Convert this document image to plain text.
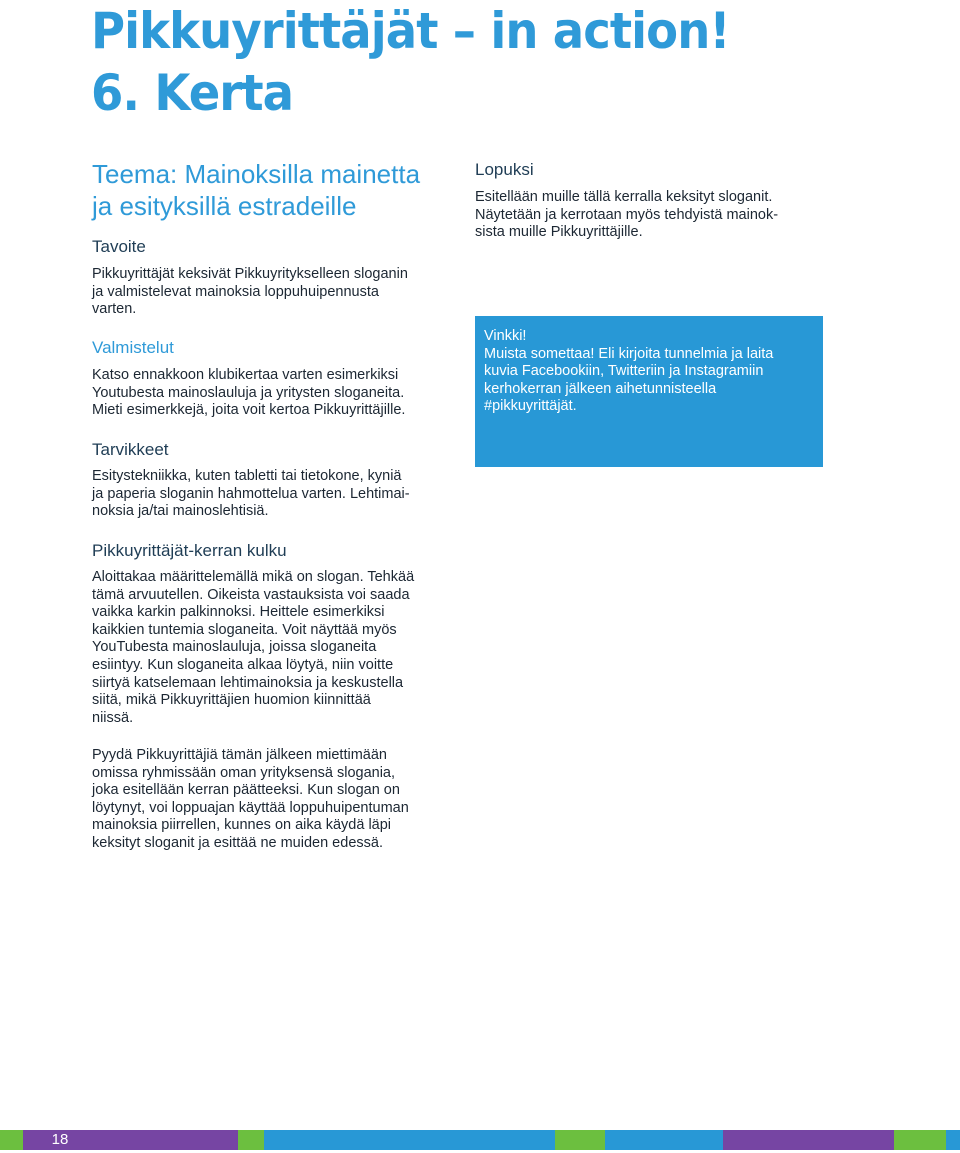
Pikkuyrittäjät – in action!
6. Kerta
Teema: Mainoksilla mainetta
ja esityksillä estradeille
Tavoite

Pikkuyrittäjät keksivät Pikkuyritykselleen sloganin
ja valmistelevat mainoksia loppuhuipennusta
varten.

Valmistelut

Katso ennakkoon klubikertaa varten esimerkiksi
Youtubesta mainoslauluja ja yritysten sloganeita.
Mieti esimerkkejä, joita voit kertoa Pikkuyrittäjille.

Tarvikkeet

Esitystekniikka, kuten tabletti tai tietokone, kyniä
ja paperia sloganin hahmottelua varten. Lehtimai-
noksia ja/tai mainoslehtisiä.

Pikkuyrittäjät-kerran kulku

Aloittakaa määrittelemällä mikä on slogan. Tehkää
tämä arvuutellen. Oikeista vastauksista voi saada
vaikka karkin palkinnoksi. Heittele esimerkiksi
kaikkien tuntemia sloganeita. Voit näyttää myös
YouTubesta mainoslauluja, joissa sloganeita
esiintyy. Kun sloganeita alkaa löytyä, niin voitte
siirtyä katselemaan lehtimainoksia ja keskustella
siitä, mikä Pikkuyrittäjien huomion kiinnittää
niissä.

Pyydä Pikkuyrittäjiä tämän jälkeen miettimään
omissa ryhmissään oman yrityksensä slogania,
joka esitellään kerran päätteeksi. Kun slogan on
löytynyt, voi loppuajan käyttää loppuhuipentuman
mainoksia piirrellen, kunnes on aika käydä läpi
keksityt sloganit ja esittää ne muiden edessä.

Lopuksi

Esitellään muille tällä kerralla keksityt sloganit.
Näytetään ja kerrotaan myös tehdyistä mainok-
sista muille Pikkuyrittäjille.

Vinkki!
Muista somettaa! Eli kirjoita tunnelmia ja laita
kuvia Facebookiin, Twitteriin ja Instagramiin
kerhokerran jälkeen aihetunnisteella
#pikkuyrittäjät.
18
